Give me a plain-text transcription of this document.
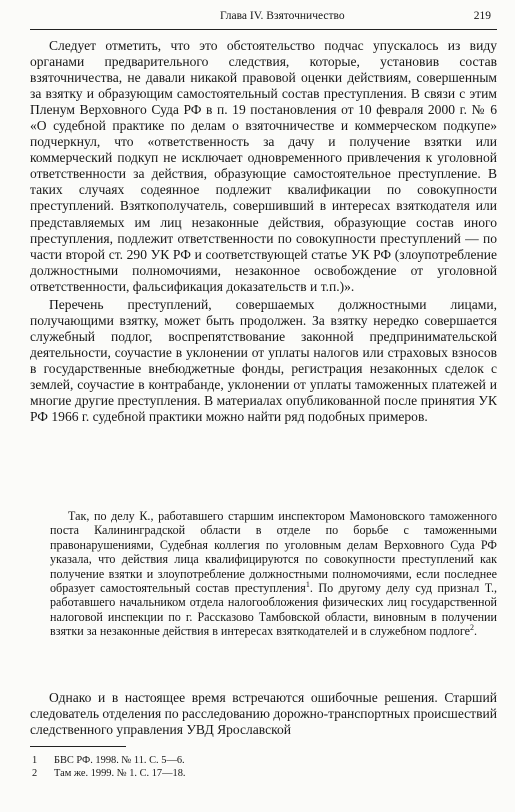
Глава IV. Взяточничество	219

Следует отметить, что это обстоятельство подчас упускалось из виду органами предварительного следствия, которые, установив состав взяточничества, не давали никакой правовой оценки действиям, совершенным за взятку и образующим самостоятельный состав преступления. В связи с этим Пленум Верховного Суда РФ в п. 19 постановления от 10 февраля 2000 г. № 6 «О судебной практике по делам о взяточничестве и коммерческом подкупе» подчеркнул, что «ответственность за дачу и получение взятки или коммерческий подкуп не исключает одновременного привлечения к уголовной ответственности за действия, образующие самостоятельное преступление. В таких случаях содеянное подлежит квалификации по совокупности преступлений. Взяткополучатель, совершивший в интересах взяткодателя или представляемых им лиц незаконные действия, образующие состав иного преступления, подлежит ответственности по совокупности преступлений — по части второй ст. 290 УК РФ и соответствующей статье УК РФ (злоупотребление должностными полномочиями, незаконное освобождение от уголовной ответственности, фальсификация доказательств и т.п.)».

Перечень преступлений, совершаемых должностными лицами, получающими взятку, может быть продолжен. За взятку нередко совершается служебный подлог, воспрепятствование законной предпринимательской деятельности, соучастие в уклонении от уплаты налогов или страховых взносов в государственные внебюджетные фонды, регистрация незаконных сделок с землей, соучастие в контрабанде, уклонении от уплаты таможенных платежей и многие другие преступления. В материалах опубликованной после принятия УК РФ 1966 г. судебной практики можно найти ряд подобных примеров.

Так, по делу К., работавшего старшим инспектором Мамоновского таможенного поста Калининградской области в отделе по борьбе с таможенными правонарушениями, Судебная коллегия по уголовным делам Верховного Суда РФ указала, что действия лица квалифицируются по совокупности преступлений как получение взятки и злоупотребление должностными полномочиями, если последнее образует самостоятельный состав преступления$^1$. По другому делу суд признал Т., работавшего начальником отдела налогообложения физических лиц государственной налоговой инспекции по г. Рассказово Тамбовской области, виновным в получении взятки за незаконные действия в интересах взяткодателей и в служебном подлоге$^2$.

Однако и в настоящее время встречаются ошибочные решения. Старший следователь отделения по расследованию дорожно-транспортных происшествий следственного управления УВД Ярославской

1	БВС РФ. 1998. № 11. С. 5—6.
2	Там же. 1999. № 1. С. 17—18.
